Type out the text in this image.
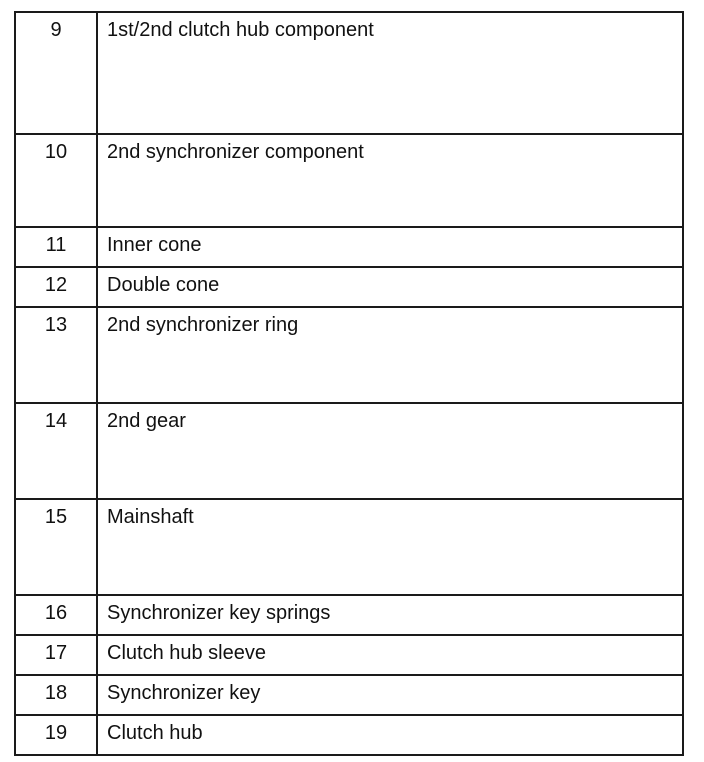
9	1st/2nd clutch hub component
10	2nd synchronizer component
11	Inner cone
12	Double cone
13	2nd synchronizer ring
14	2nd gear
15	Mainshaft
16	Synchronizer key springs
17	Clutch hub sleeve
18	Synchronizer key
19	Clutch hub
